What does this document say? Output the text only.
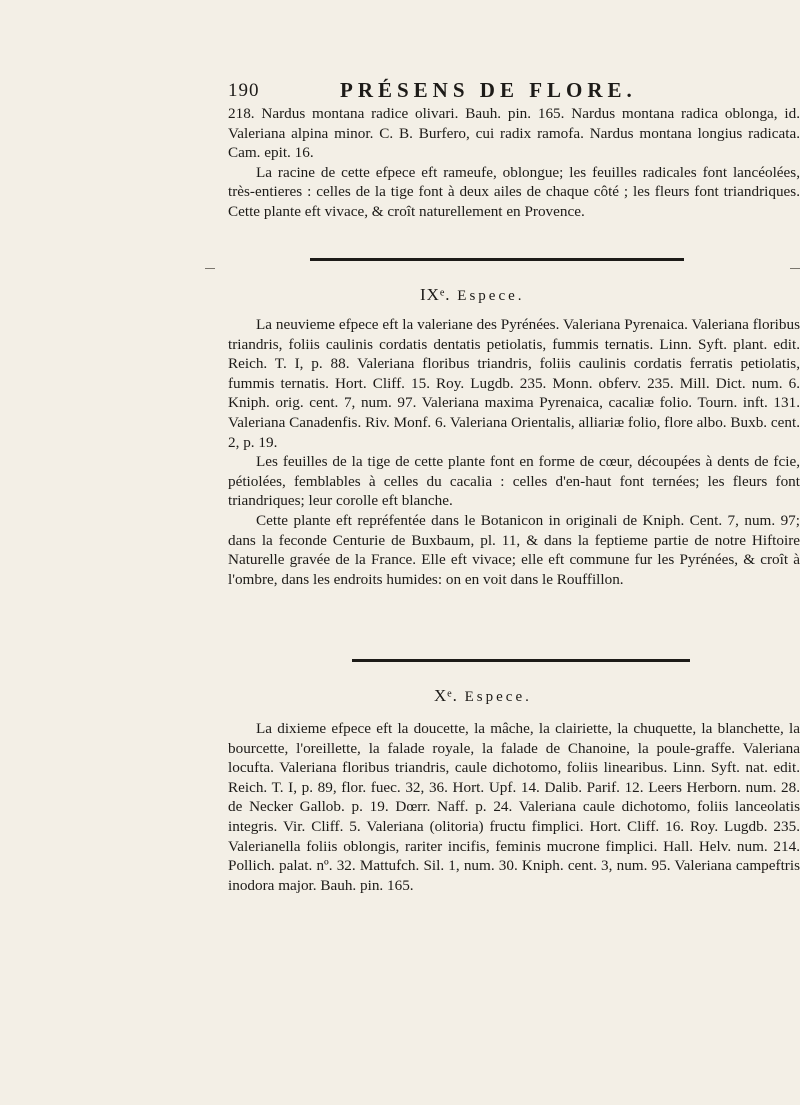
190	PRÉSENS DE FLORE.

218. Nardus montana radice olivari. Bauh. pin. 165. Nardus montana radica oblonga, id. Valeriana alpina minor. C. B. Burfero, cui radix ramofa. Nardus montana longius radicata. Cam. epit. 16.

La racine de cette efpece eft rameufe, oblongue; les feuilles radicales font lancéolées, très-entieres : celles de la tige font à deux ailes de chaque côté ; les fleurs font triandriques. Cette plante eft vivace, & croît naturellement en Provence.

IXᵉ. Espece.

La neuvieme efpece eft la valeriane des Pyrénées. Valeriana Pyrenaica. Valeriana floribus triandris, foliis caulinis cordatis dentatis petiolatis, fummis ternatis. Linn. Syft. plant. edit. Reich. T. I, p. 88. Valeriana floribus triandris, foliis caulinis cordatis ferratis petiolatis, fummis ternatis. Hort. Cliff. 15. Roy. Lugdb. 235. Monn. obferv. 235. Mill. Dict. num. 6. Kniph. orig. cent. 7, num. 97. Valeriana maxima Pyrenaica, cacaliæ folio. Tourn. inft. 131. Valeriana Canadenfis. Riv. Monf. 6. Valeriana Orientalis, alliariæ folio, flore albo. Buxb. cent. 2, p. 19.

Les feuilles de la tige de cette plante font en forme de cœur, découpées à dents de fcie, pétiolées, femblables à celles du cacalia : celles d'en-haut font ternées; les fleurs font triandriques; leur corolle eft blanche.

Cette plante eft repréfentée dans le Botanicon in originali de Kniph. Cent. 7, num. 97; dans la feconde Centurie de Buxbaum, pl. 11, & dans la feptieme partie de notre Hiftoire Naturelle gravée de la France. Elle eft vivace; elle eft commune fur les Pyrénées, & croît à l'ombre, dans les endroits humides: on en voit dans le Rouffillon.

Xᵉ. Espece.

La dixieme efpece eft la doucette, la mâche, la clairiette, la chuquette, la blanchette, la bourcette, l'oreillette, la falade royale, la falade de Chanoine, la poule-graffe. Valeriana locufta. Valeriana floribus triandris, caule dichotomo, foliis linearibus. Linn. Syft. nat. edit. Reich. T. I, p. 89, flor. fuec. 32, 36. Hort. Upf. 14. Dalib. Parif. 12. Leers Herborn. num. 28. de Necker Gallob. p. 19. Dœrr. Naff. p. 24. Valeriana caule dichotomo, foliis lanceolatis integris. Vir. Cliff. 5. Valeriana (olitoria) fructu fimplici. Hort. Cliff. 16. Roy. Lugdb. 235. Valerianella foliis oblongis, rariter incifis, feminis mucrone fimplici. Hall. Helv. num. 214. Pollich. palat. nº. 32. Mattufch. Sil. 1, num. 30. Kniph. cent. 3, num. 95. Valeriana campeftris inodora major. Bauh. pin. 165.
